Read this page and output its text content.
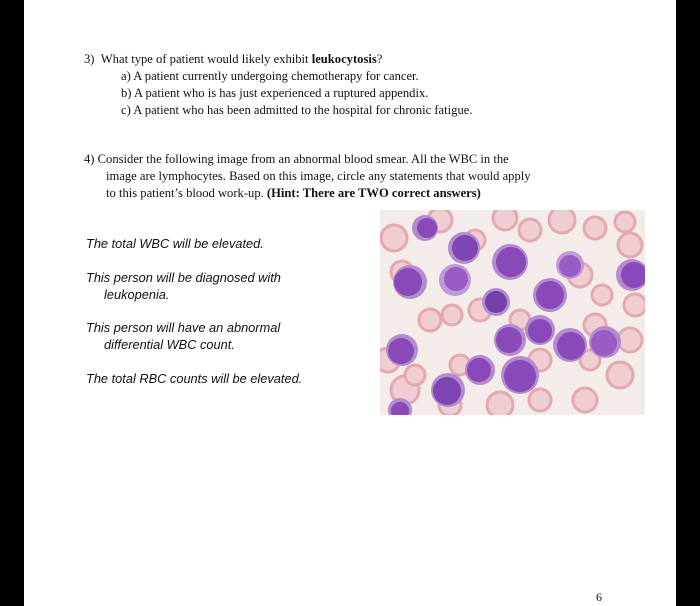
3) What type of patient would likely exhibit leukocytosis?
a) A patient currently undergoing chemotherapy for cancer.
b) A patient who is has just experienced a ruptured appendix.
c) A patient who has been admitted to the hospital for chronic fatigue.
4) Consider the following image from an abnormal blood smear. All the WBC in the
image are lymphocytes. Based on this image, circle any statements that would apply
to this patient’s blood work-up. (Hint: There are TWO correct answers)
The total WBC will be elevated.
This person will be diagnosed with
leukopenia.
This person will have an abnormal
differential WBC count.
The total RBC counts will be elevated.
6
